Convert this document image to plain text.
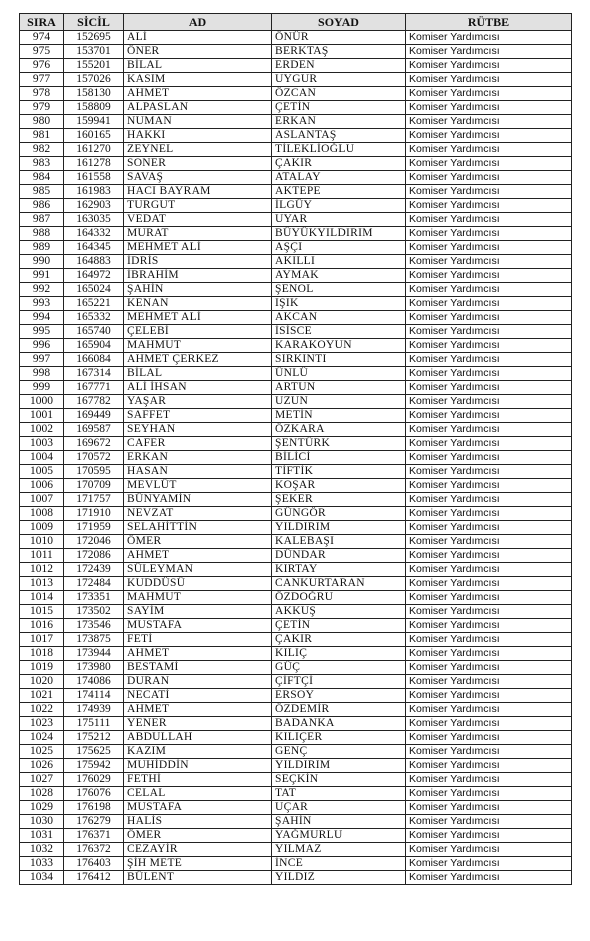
SIRA	SİCİL	AD	SOYAD	RÜTBE
974	152695	ALİ	ÖNÜR	Komiser Yardımcısı
975	153701	ÖNER	BERKTAŞ	Komiser Yardımcısı
976	155201	BİLAL	ERDEN	Komiser Yardımcısı
977	157026	KASIM	UYGUR	Komiser Yardımcısı
978	158130	AHMET	ÖZCAN	Komiser Yardımcısı
979	158809	ALPASLAN	ÇETİN	Komiser Yardımcısı
980	159941	NUMAN	ERKAN	Komiser Yardımcısı
981	160165	HAKKI	ASLANTAŞ	Komiser Yardımcısı
982	161270	ZEYNEL	TİLEKLİOĞLU	Komiser Yardımcısı
983	161278	SONER	ÇAKIR	Komiser Yardımcısı
984	161558	SAVAŞ	ATALAY	Komiser Yardımcısı
985	161983	HACI BAYRAM	AKTEPE	Komiser Yardımcısı
986	162903	TURGUT	İLGÜY	Komiser Yardımcısı
987	163035	VEDAT	UYAR	Komiser Yardımcısı
988	164332	MURAT	BÜYÜKYILDIRIM	Komiser Yardımcısı
989	164345	MEHMET ALİ	AŞÇI	Komiser Yardımcısı
990	164883	İDRİS	AKILLI	Komiser Yardımcısı
991	164972	İBRAHİM	AYMAK	Komiser Yardımcısı
992	165024	ŞAHİN	ŞENOL	Komiser Yardımcısı
993	165221	KENAN	IŞIK	Komiser Yardımcısı
994	165332	MEHMET ALİ	AKCAN	Komiser Yardımcısı
995	165740	ÇELEBİ	İSİSCE	Komiser Yardımcısı
996	165904	MAHMUT	KARAKOYUN	Komiser Yardımcısı
997	166084	AHMET ÇERKEZ	SIRKINTI	Komiser Yardımcısı
998	167314	BİLAL	ÜNLÜ	Komiser Yardımcısı
999	167771	ALİ İHSAN	ARTUN	Komiser Yardımcısı
1000	167782	YAŞAR	UZUN	Komiser Yardımcısı
1001	169449	SAFFET	METİN	Komiser Yardımcısı
1002	169587	SEYHAN	ÖZKARA	Komiser Yardımcısı
1003	169672	CAFER	ŞENTÜRK	Komiser Yardımcısı
1004	170572	ERKAN	BİLİCİ	Komiser Yardımcısı
1005	170595	HASAN	TİFTİK	Komiser Yardımcısı
1006	170709	MEVLÜT	KOŞAR	Komiser Yardımcısı
1007	171757	BÜNYAMİN	ŞEKER	Komiser Yardımcısı
1008	171910	NEVZAT	GÜNGÖR	Komiser Yardımcısı
1009	171959	SELAHİTTİN	YILDIRIM	Komiser Yardımcısı
1010	172046	ÖMER	KALEBAŞI	Komiser Yardımcısı
1011	172086	AHMET	DÜNDAR	Komiser Yardımcısı
1012	172439	SÜLEYMAN	KIRTAY	Komiser Yardımcısı
1013	172484	KUDDÜSÜ	CANKURTARAN	Komiser Yardımcısı
1014	173351	MAHMUT	ÖZDOĞRU	Komiser Yardımcısı
1015	173502	SAYİM	AKKUŞ	Komiser Yardımcısı
1016	173546	MUSTAFA	ÇETİN	Komiser Yardımcısı
1017	173875	FETİ	ÇAKIR	Komiser Yardımcısı
1018	173944	AHMET	KILIÇ	Komiser Yardımcısı
1019	173980	BESTAMİ	GÜÇ	Komiser Yardımcısı
1020	174086	DURAN	ÇİFTÇİ	Komiser Yardımcısı
1021	174114	NECATİ	ERSOY	Komiser Yardımcısı
1022	174939	AHMET	ÖZDEMİR	Komiser Yardımcısı
1023	175111	YENER	BADANKA	Komiser Yardımcısı
1024	175212	ABDULLAH	KILIÇER	Komiser Yardımcısı
1025	175625	KAZIM	GENÇ	Komiser Yardımcısı
1026	175942	MUHİDDİN	YILDIRIM	Komiser Yardımcısı
1027	176029	FETHİ	SEÇKİN	Komiser Yardımcısı
1028	176076	CELAL	TAT	Komiser Yardımcısı
1029	176198	MUSTAFA	UÇAR	Komiser Yardımcısı
1030	176279	HALİS	ŞAHİN	Komiser Yardımcısı
1031	176371	ÖMER	YAĞMURLU	Komiser Yardımcısı
1032	176372	CEZAYİR	YILMAZ	Komiser Yardımcısı
1033	176403	ŞİH METE	İNCE	Komiser Yardımcısı
1034	176412	BÜLENT	YILDIZ	Komiser Yardımcısı
